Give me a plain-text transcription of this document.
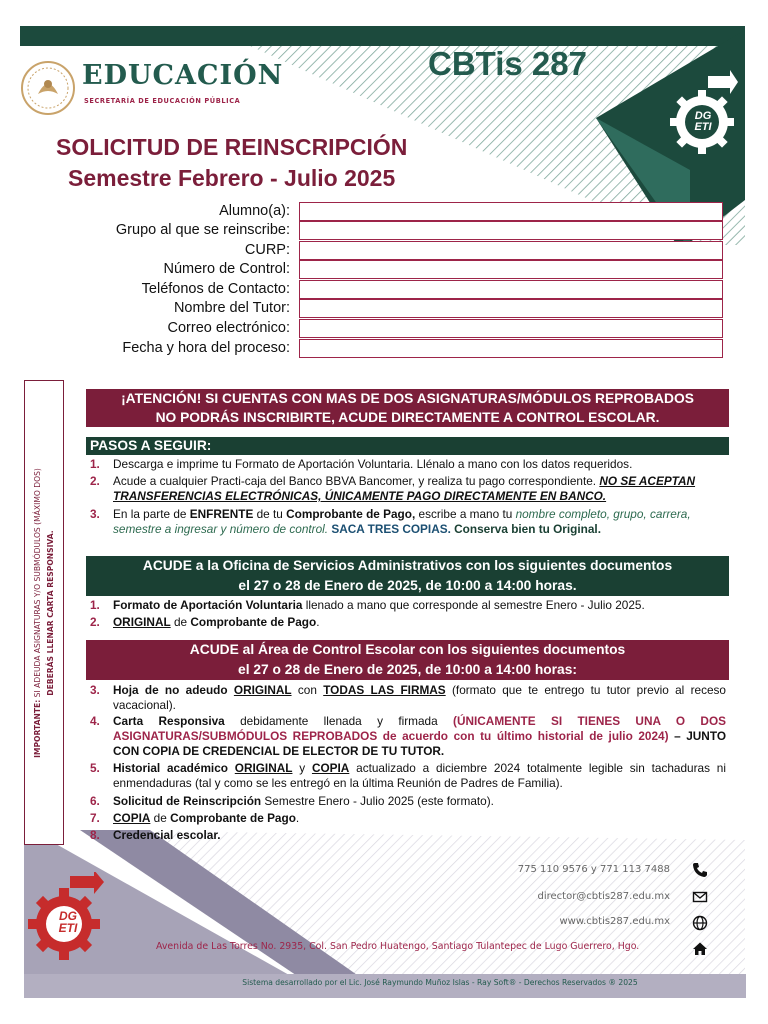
EDUCACIÓN
SECRETARÍA DE EDUCACIÓN PÚBLICA
CBTis 287
DG
ETI
SOLICITUD DE REINSCRIPCIÓN
Semestre Febrero - Julio 2025
Alumno(a):
Grupo al que se reinscribe:
CURP:
Número de Control:
Teléfonos de Contacto:
Nombre del Tutor:
Correo electrónico:
Fecha y hora del proceso:
IMPORTANTE: SI ADEUDA ASIGNATURAS Y/O SUBMÓDULOS (MÁXIMO DOS) DEBERÁS LLENAR CARTA RESPONSIVA.
¡ATENCIÓN! SI CUENTAS CON MAS DE DOS ASIGNATURAS/MÓDULOS REPROBADOS
NO PODRÁS INSCRIBIRTE, ACUDE DIRECTAMENTE A CONTROL ESCOLAR.
PASOS A SEGUIR:
1. Descarga e imprime tu Formato de Aportación Voluntaria. Llénalo a mano con los datos requeridos.
2. Acude a cualquier Practi-caja del Banco BBVA Bancomer, y realiza tu pago correspondiente. NO SE ACEPTAN TRANSFERENCIAS ELECTRÓNICAS, ÚNICAMENTE PAGO DIRECTAMENTE EN BANCO.
3. En la parte de ENFRENTE de tu Comprobante de Pago, escribe a mano tu nombre completo, grupo, carrera, semestre a ingresar y número de control. SACA TRES COPIAS. Conserva bien tu Original.
ACUDE a la Oficina de Servicios Administrativos con los siguientes documentos
el 27 o 28 de Enero de 2025, de 10:00 a 14:00 horas.
1. Formato de Aportación Voluntaria llenado a mano que corresponde al semestre Enero - Julio 2025.
2. ORIGINAL de Comprobante de Pago.
ACUDE al Área de Control Escolar con los siguientes documentos
el 27 o 28 de Enero de 2025, de 10:00 a 14:00 horas:
3. Hoja de no adeudo ORIGINAL con TODAS LAS FIRMAS (formato que te entrego tu tutor previo al receso vacacional).
4. Carta Responsiva debidamente llenada y firmada (ÚNICAMENTE SI TIENES UNA O DOS ASIGNATURAS/SUBMÓDULOS REPROBADOS de acuerdo con tu último historial de julio 2024) – JUNTO CON COPIA DE CREDENCIAL DE ELECTOR DE TU TUTOR.
5. Historial académico ORIGINAL y COPIA actualizado a diciembre 2024 totalmente legible sin tachaduras ni enmendaduras (tal y como se les entregó en la última Reunión de Padres de Familia).
6. Solicitud de Reinscripción Semestre Enero - Julio 2025 (este formato).
7. COPIA de Comprobante de Pago.
8. Credencial escolar.
DG
ETI
775 110 9576 y 771 113 7488
director@cbtis287.edu.mx
www.cbtis287.edu.mx
Avenida de Las Torres No. 2935, Col. San Pedro Huatengo, Santiago Tulantepec de Lugo Guerrero, Hgo.
Sistema desarrollado por el Lic. José Raymundo Muñoz Islas - Ray Soft® - Derechos Reservados ® 2025
